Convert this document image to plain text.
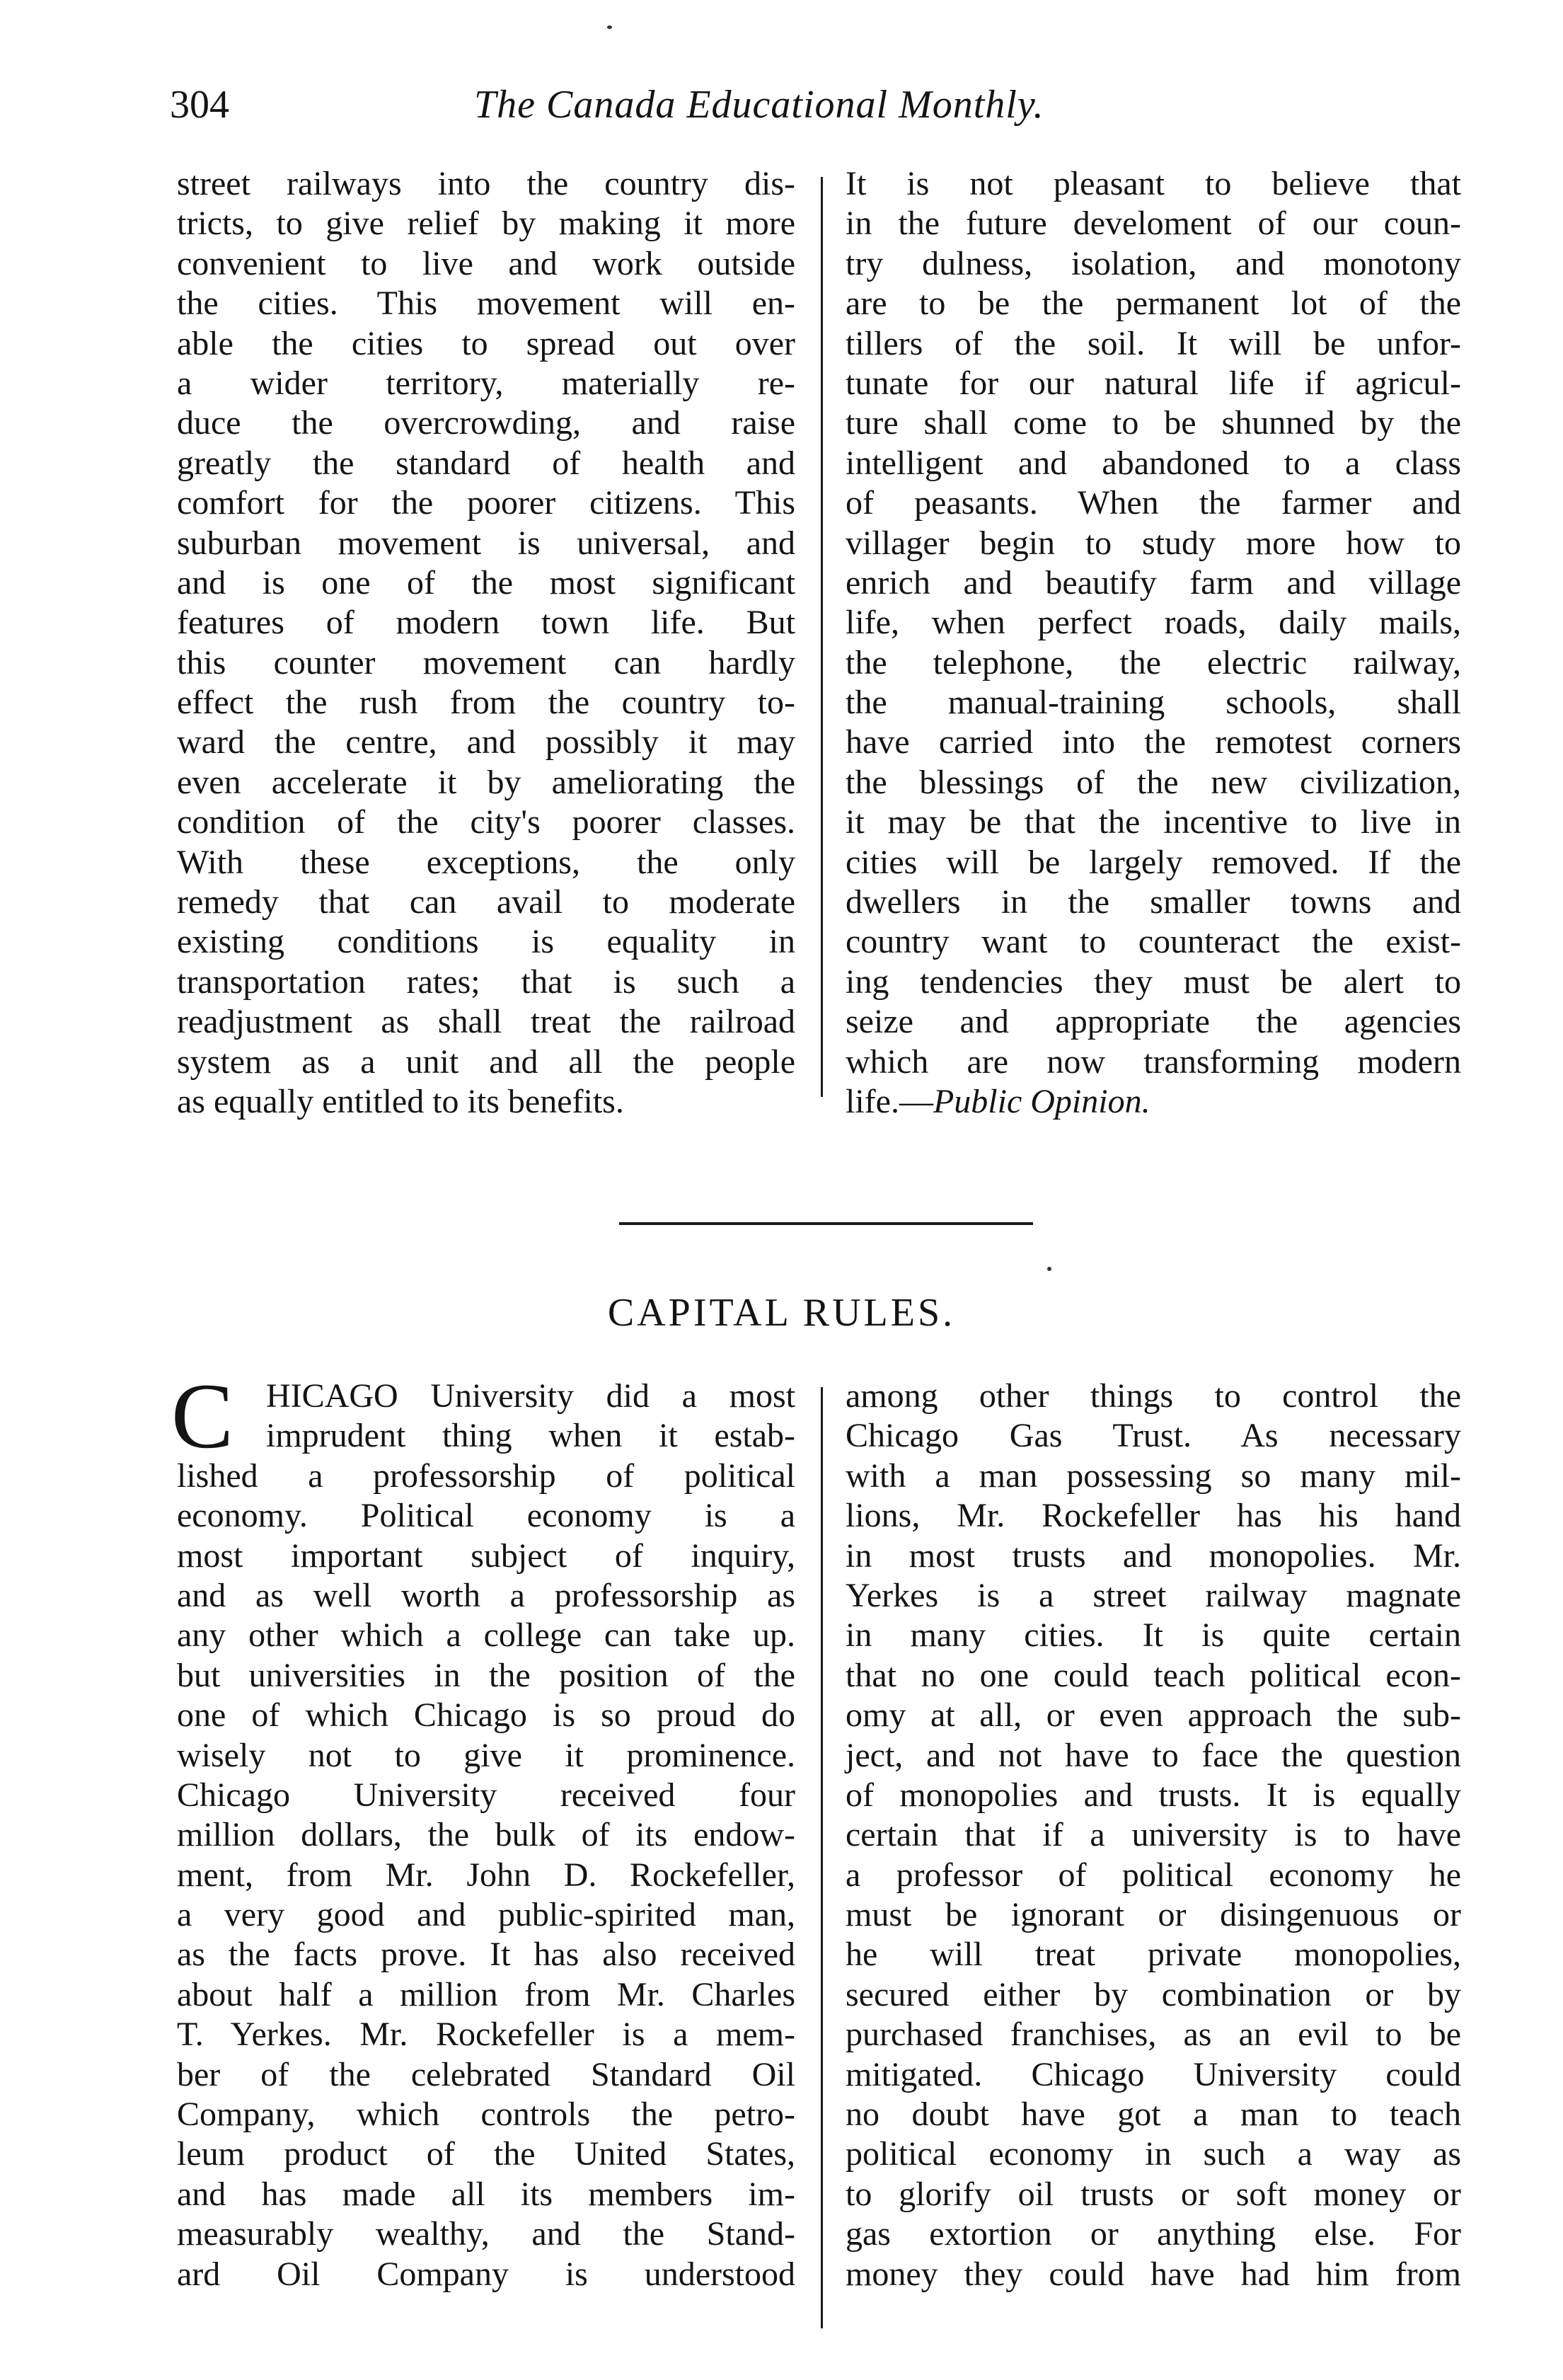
304	The Canada Educational Monthly.
street railways into the country dis-
tricts, to give relief by making it more
convenient to live and work outside
the cities. This movement will en-
able the cities to spread out over
a wider territory, materially re-
duce the overcrowding, and raise
greatly the standard of health and
comfort for the poorer citizens. This
suburban movement is universal, and
and is one of the most significant
features of modern town life. But
this counter movement can hardly
effect the rush from the country to-
ward the centre, and possibly it may
even accelerate it by ameliorating the
condition of the city's poorer classes.
With these exceptions, the only
remedy that can avail to moderate
existing conditions is equality in
transportation rates; that is such a
readjustment as shall treat the railroad
system as a unit and all the people
as equally entitled to its benefits.
It is not pleasant to believe that
in the future develoment of our coun-
try dulness, isolation, and monotony
are to be the permanent lot of the
tillers of the soil. It will be unfor-
tunate for our natural life if agricul-
ture shall come to be shunned by the
intelligent and abandoned to a class
of peasants. When the farmer and
villager begin to study more how to
enrich and beautify farm and village
life, when perfect roads, daily mails,
the telephone, the electric railway,
the manual-training schools, shall
have carried into the remotest corners
the blessings of the new civilization,
it may be that the incentive to live in
cities will be largely removed. If the
dwellers in the smaller towns and
country want to counteract the exist-
ing tendencies they must be alert to
seize and appropriate the agencies
which are now transforming modern
life.—Public Opinion.
CAPITAL RULES.
C HICAGO University did a most
imprudent thing when it estab-
lished a professorship of political
economy. Political economy is a
most important subject of inquiry,
and as well worth a professorship as
any other which a college can take up.
but universities in the position of the
one of which Chicago is so proud do
wisely not to give it prominence.
Chicago University received four
million dollars, the bulk of its endow-
ment, from Mr. John D. Rockefeller,
a very good and public-spirited man,
as the facts prove. It has also received
about half a million from Mr. Charles
T. Yerkes. Mr. Rockefeller is a mem-
ber of the celebrated Standard Oil
Company, which controls the petro-
leum product of the United States,
and has made all its members im-
measurably wealthy, and the Stand-
ard Oil Company is understood
among other things to control the
Chicago Gas Trust. As necessary
with a man possessing so many mil-
lions, Mr. Rockefeller has his hand
in most trusts and monopolies. Mr.
Yerkes is a street railway magnate
in many cities. It is quite certain
that no one could teach political econ-
omy at all, or even approach the sub-
ject, and not have to face the question
of monopolies and trusts. It is equally
certain that if a university is to have
a professor of political economy he
must be ignorant or disingenuous or
he will treat private monopolies,
secured either by combination or by
purchased franchises, as an evil to be
mitigated. Chicago University could
no doubt have got a man to teach
political economy in such a way as
to glorify oil trusts or soft money or
gas extortion or anything else. For
money they could have had him from
